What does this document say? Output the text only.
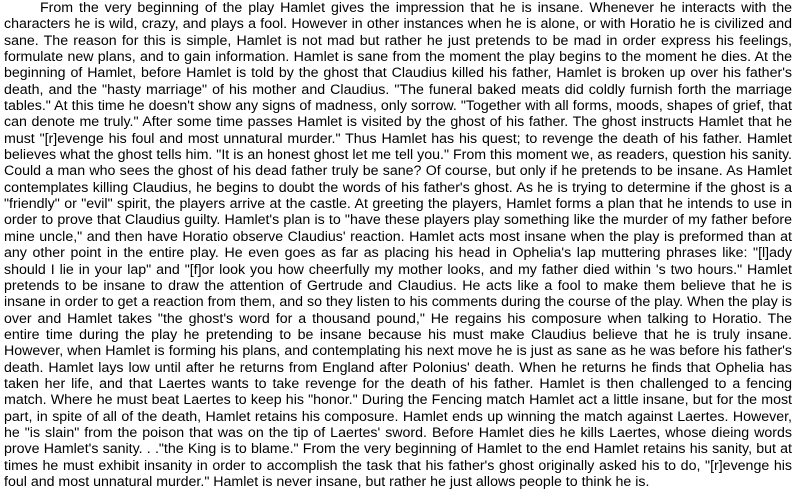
From the very beginning of the play Hamlet gives the impression that he is insane. Whenever he interacts with the characters he is wild, crazy, and plays a fool. However in other instances when he is alone, or with Horatio he is civilized and sane. The reason for this is simple, Hamlet is not mad but rather he just pretends to be mad in order express his feelings, formulate new plans, and to gain information. Hamlet is sane from the moment the play begins to the moment he dies. At the beginning of Hamlet, before Hamlet is told by the ghost that Claudius killed his father, Hamlet is broken up over his father's death, and the "hasty marriage" of his mother and Claudius. "The funeral baked meats did coldly furnish forth the marriage tables." At this time he doesn't show any signs of madness, only sorrow. "Together with all forms, moods, shapes of grief, that can denote me truly." After some time passes Hamlet is visited by the ghost of his father. The ghost instructs Hamlet that he must "[r]evenge his foul and most unnatural murder." Thus Hamlet has his quest; to revenge the death of his father. Hamlet believes what the ghost tells him. "It is an honest ghost let me tell you." From this moment we, as readers, question his sanity. Could a man who sees the ghost of his dead father truly be sane? Of course, but only if he pretends to be insane. As Hamlet contemplates killing Claudius, he begins to doubt the words of his father's ghost. As he is trying to determine if the ghost is a "friendly" or "evil" spirit, the players arrive at the castle. At greeting the players, Hamlet forms a plan that he intends to use in order to prove that Claudius guilty. Hamlet's plan is to "have these players play something like the murder of my father before mine uncle," and then have Horatio observe Claudius' reaction. Hamlet acts most insane when the play is preformed than at any other point in the entire play. He even goes as far as placing his head in Ophelia's lap muttering phrases like: "[l]ady should I lie in your lap" and "[f]or look you how cheerfully my mother looks, and my father died within 's two hours." Hamlet pretends to be insane to draw the attention of Gertrude and Claudius. He acts like a fool to make them believe that he is insane in order to get a reaction from them, and so they listen to his comments during the course of the play. When the play is over and Hamlet takes "the ghost's word for a thousand pound," He regains his composure when talking to Horatio. The entire time during the play he pretending to be insane because his must make Claudius believe that he is truly insane. However, when Hamlet is forming his plans, and contemplating his next move he is just as sane as he was before his father's death. Hamlet lays low until after he returns from England after Polonius' death. When he returns he finds that Ophelia has taken her life, and that Laertes wants to take revenge for the death of his father. Hamlet is then challenged to a fencing match. Where he must beat Laertes to keep his "honor." During the Fencing match Hamlet act a little insane, but for the most part, in spite of all of the death, Hamlet retains his composure. Hamlet ends up winning the match against Laertes. However, he "is slain" from the poison that was on the tip of Laertes' sword. Before Hamlet dies he kills Laertes, whose dieing words prove Hamlet's sanity. . ."the King is to blame." From the very beginning of Hamlet to the end Hamlet retains his sanity, but at times he must exhibit insanity in order to accomplish the task that his father's ghost originally asked his to do, "[r]evenge his foul and most unnatural murder." Hamlet is never insane, but rather he just allows people to think he is.
